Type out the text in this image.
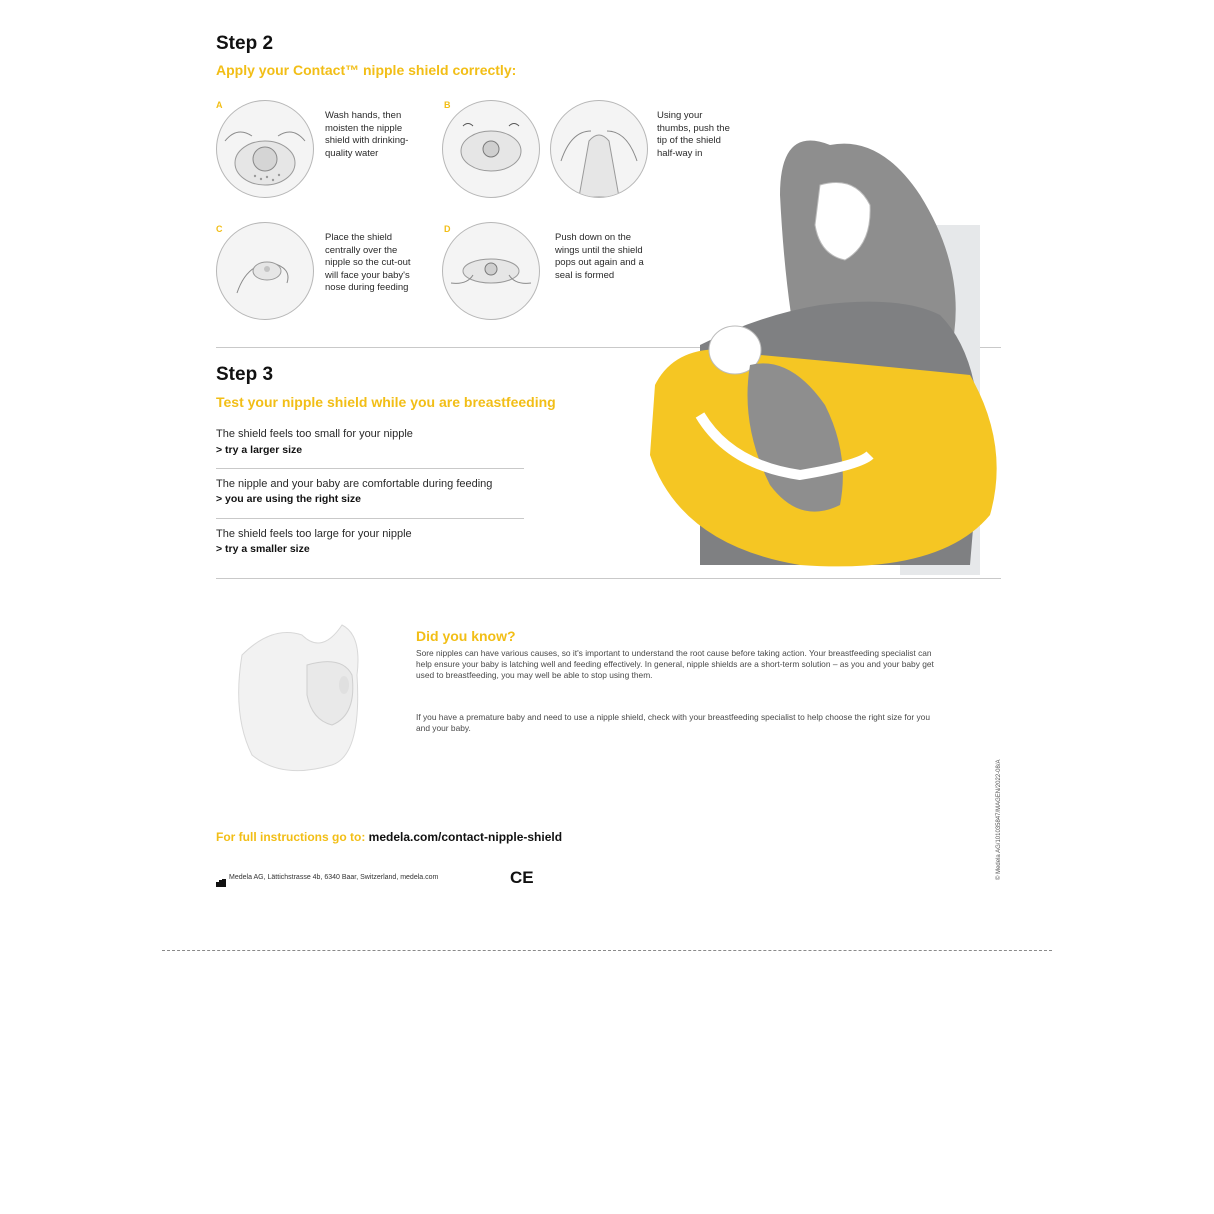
Step 2
Apply your Contact™ nipple shield correctly:
A
Wash hands, then moisten the nipple shield with drinking-quality water
B
Using your thumbs, push the tip of the shield half-way in
C
Place the shield centrally over the nipple so the cut-out will face your baby's nose during feeding
D
Push down on the wings until the shield pops out again and a seal is formed
Step 3
Test your nipple shield while you are breastfeeding
The shield feels too small for your nipple
> try a larger size
The nipple and your baby are comfortable during feeding
> you are using the right size
The shield feels too large for your nipple
> try a smaller size
Did you know?
Sore nipples can have various causes, so it's important to understand the root cause before taking action. Your breastfeeding specialist can help ensure your baby is latching well and feeding effectively. In general, nipple shields are a short-term solution – as you and your baby get used to breastfeeding, you may well be able to stop using them.
If you have a premature baby and need to use a nipple shield, check with your breastfeeding specialist to help choose the right size for you and your baby.
© Medela AG/101035847/MAGEN/2022-08/A
For full instructions go to: medela.com/contact-nipple-shield
Medela AG, Lättichstrasse 4b, 6340 Baar, Switzerland, medela.com	CE
